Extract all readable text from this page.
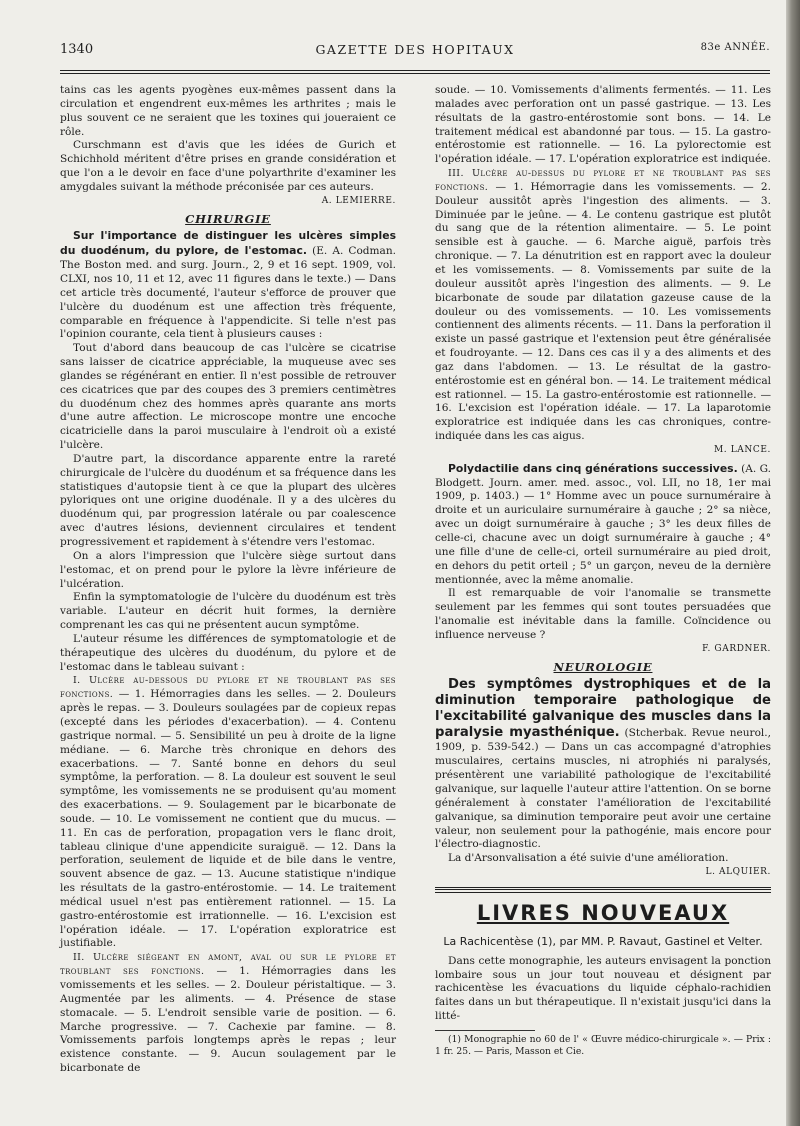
1340	GAZETTE DES HOPITAUX	83e ANNÉE.

tains cas les agents pyogènes eux-mêmes passent dans la circulation et engendrent eux-mêmes les arthrites ; mais le plus souvent ce ne seraient que les toxines qui joueraient ce rôle.

Curschmann est d'avis que les idées de Gurich et Schichhold méritent d'être prises en grande considération et que l'on a le devoir en face d'une polyarthrite d'examiner les amygdales suivant la méthode préconisée par ces auteurs.

A. LEMIERRE.

CHIRURGIE

Sur l'importance de distinguer les ulcères simples du duodénum, du pylore, de l'estomac. (E. A. Codman. The Boston med. and surg. Journ., 2, 9 et 16 sept. 1909, vol. CLXI, nos 10, 11 et 12, avec 11 figures dans le texte.) — Dans cet article très documenté, l'auteur s'efforce de prouver que l'ulcère du duodénum est une affection très fréquente, comparable en fréquence à l'appendicite. Si telle n'est pas l'opinion courante, cela tient à plusieurs causes :

Tout d'abord dans beaucoup de cas l'ulcère se cicatrise sans laisser de cicatrice appréciable, la muqueuse avec ses glandes se régénérant en entier. Il n'est possible de retrouver ces cicatrices que par des coupes des 3 premiers centimètres du duodénum chez des hommes après quarante ans morts d'une autre affection. Le microscope montre une encoche cicatricielle dans la paroi musculaire à l'endroit où a existé l'ulcère.

D'autre part, la discordance apparente entre la rareté chirurgicale de l'ulcère du duodénum et sa fréquence dans les statistiques d'autopsie tient à ce que la plupart des ulcères pyloriques ont une origine duodénale. Il y a des ulcères du duodénum qui, par progression latérale ou par coalescence avec d'autres lésions, deviennent circulaires et tendent progressivement et rapidement à s'étendre vers l'estomac.

On a alors l'impression que l'ulcère siège surtout dans l'estomac, et on prend pour le pylore la lèvre inférieure de l'ulcération.

Enfin la symptomatologie de l'ulcère du duodénum est très variable. L'auteur en décrit huit formes, la dernière comprenant les cas qui ne présentent aucun symptôme.

L'auteur résume les différences de symptomatologie et de thérapeutique des ulcères du duodénum, du pylore et de l'estomac dans le tableau suivant :

I. Ulcère au-dessous du pylore et ne troublant pas ses fonctions. — 1. Hémorragies dans les selles. — 2. Douleurs après le repas. — 3. Douleurs soulagées par de copieux repas (excepté dans les périodes d'exacerbation). — 4. Contenu gastrique normal. — 5. Sensibilité un peu à droite de la ligne médiane. — 6. Marche très chronique en dehors des exacerbations. — 7. Santé bonne en dehors du seul symptôme, la perforation. — 8. La douleur est souvent le seul symptôme, les vomissements ne se produisent qu'au moment des exacerbations. — 9. Soulagement par le bicarbonate de soude. — 10. Le vomissement ne contient que du mucus. — 11. En cas de perforation, propagation vers le flanc droit, tableau clinique d'une appendicite suraiguë. — 12. Dans la perforation, seulement de liquide et de bile dans le ventre, souvent absence de gaz. — 13. Aucune statistique n'indique les résultats de la gastro-entérostomie. — 14. Le traitement médical usuel n'est pas entièrement rationnel. — 15. La gastro-entérostomie est irrationnelle. — 16. L'excision est l'opération idéale. — 17. L'opération exploratrice est justifiable.

II. Ulcère siégeant en amont, aval ou sur le pylore et troublant ses fonctions. — 1. Hémorragies dans les vomissements et les selles. — 2. Douleur péristaltique. — 3. Augmentée par les aliments. — 4. Présence de stase stomacale. — 5. L'endroit sensible varie de position. — 6. Marche progressive. — 7. Cachexie par famine. — 8. Vomissements parfois longtemps après le repas ; leur existence constante. — 9. Aucun soulagement par le bicarbonate de

soude. — 10. Vomissements d'aliments fermentés. — 11. Les malades avec perforation ont un passé gastrique. — 13. Les résultats de la gastro-entérostomie sont bons. — 14. Le traitement médical est abandonné par tous. — 15. La gastro-entérostomie est rationnelle. — 16. La pylorectomie est l'opération idéale. — 17. L'opération exploratrice est indiquée.

III. Ulcère au-dessus du pylore et ne troublant pas ses fonctions. — 1. Hémorragie dans les vomissements. — 2. Douleur aussitôt après l'ingestion des aliments. — 3. Diminuée par le jeûne. — 4. Le contenu gastrique est plutôt du sang que de la rétention alimentaire. — 5. Le point sensible est à gauche. — 6. Marche aiguë, parfois très chronique. — 7. La dénutrition est en rapport avec la douleur et les vomissements. — 8. Vomissements par suite de la douleur aussitôt après l'ingestion des aliments. — 9. Le bicarbonate de soude par dilatation gazeuse cause de la douleur ou des vomissements. — 10. Les vomissements contiennent des aliments récents. — 11. Dans la perforation il existe un passé gastrique et l'extension peut être généralisée et foudroyante. — 12. Dans ces cas il y a des aliments et des gaz dans l'abdomen. — 13. Le résultat de la gastro-entérostomie est en général bon. — 14. Le traitement médical est rationnel. — 15. La gastro-entérostomie est rationnelle. — 16. L'excision est l'opération idéale. — 17. La laparotomie exploratrice est indiquée dans les cas chroniques, contre-indiquée dans les cas aigus.

M. LANCE.

Polydactilie dans cinq générations successives. (A. G. Blodgett. Journ. amer. med. assoc., vol. LII, no 18, 1er mai 1909, p. 1403.) — 1° Homme avec un pouce surnuméraire à droite et un auriculaire surnuméraire à gauche ; 2° sa nièce, avec un doigt surnuméraire à gauche ; 3° les deux filles de celle-ci, chacune avec un doigt surnuméraire à gauche ; 4° une fille d'une de celle-ci, orteil surnuméraire au pied droit, en dehors du petit orteil ; 5° un garçon, neveu de la dernière mentionnée, avec la même anomalie.

Il est remarquable de voir l'anomalie se transmette seulement par les femmes qui sont toutes persuadées que l'anomalie est inévitable dans la famille. Coïncidence ou influence nerveuse ?

F. GARDNER.

NEUROLOGIE

Des symptômes dystrophiques et de la diminution temporaire pathologique de l'excitabilité galvanique des muscles dans la paralysie myasthénique. (Stcherbak. Revue neurol., 1909, p. 539-542.) — Dans un cas accompagné d'atrophies musculaires, certains muscles, ni atrophiés ni paralysés, présentèrent une variabilité pathologique de l'excitabilité galvanique, sur laquelle l'auteur attire l'attention. On se borne généralement à constater l'amélioration de l'excitabilité galvanique, sa diminution temporaire peut avoir une certaine valeur, non seulement pour la pathogénie, mais encore pour l'électro-diagnostic.

La d'Arsonvalisation a été suivie d'une amélioration.

L. ALQUIER.

LIVRES NOUVEAUX
La Rachicentèse (1), par MM. P. Ravaut, Gastinel et Velter.

Dans cette monographie, les auteurs envisagent la ponction lombaire sous un jour tout nouveau et désignent par rachicentèse les évacuations du liquide céphalo-rachidien faites dans un but thérapeutique. Il n'existait jusqu'ici dans la litté-

(1) Monographie no 60 de l' « Œuvre médico-chirurgicale ». — Prix : 1 fr. 25. — Paris, Masson et Cie.
